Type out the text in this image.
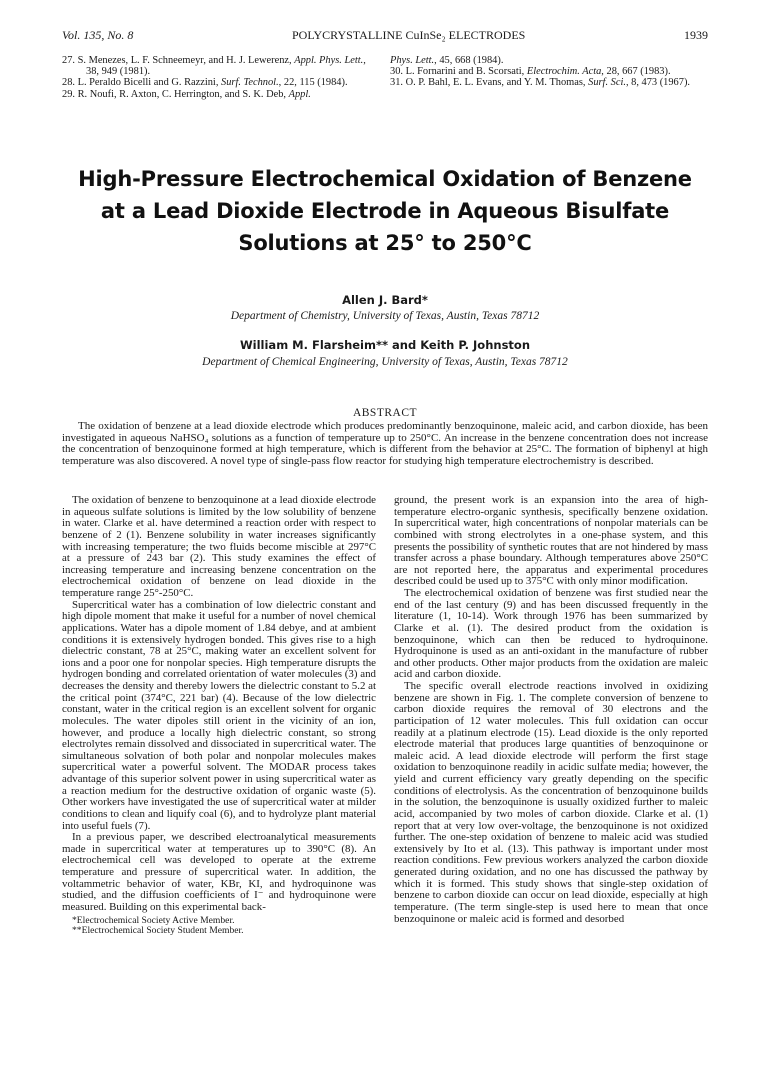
Vol. 135, No. 8	POLYCRYSTALLINE CuInSe₂ ELECTRODES	1939
27. S. Menezes, L. F. Schneemeyr, and H. J. Lewerenz, Appl. Phys. Lett., 38, 949 (1981).
28. L. Peraldo Bicelli and G. Razzini, Surf. Technol., 22, 115 (1984).
29. R. Noufi, R. Axton, C. Herrington, and S. K. Deb, Appl.
Phys. Lett., 45, 668 (1984).
30. L. Fornarini and B. Scorsati, Electrochim. Acta, 28, 667 (1983).
31. O. P. Bahl, E. L. Evans, and Y. M. Thomas, Surf. Sci., 8, 473 (1967).
High-Pressure Electrochemical Oxidation of Benzene at a Lead Dioxide Electrode in Aqueous Bisulfate Solutions at 25° to 250°C
Allen J. Bard*
Department of Chemistry, University of Texas, Austin, Texas 78712
William M. Flarsheim** and Keith P. Johnston
Department of Chemical Engineering, University of Texas, Austin, Texas 78712
ABSTRACT
The oxidation of benzene at a lead dioxide electrode which produces predominantly benzoquinone, maleic acid, and carbon dioxide, has been investigated in aqueous NaHSO₄ solutions as a function of temperature up to 250°C. An increase in the benzene concentration does not increase the concentration of benzoquinone formed at high temperature, which is different from the behavior at 25°C. The formation of biphenyl at high temperature was also discovered. A novel type of single-pass flow reactor for studying high temperature electrochemistry is described.

The oxidation of benzene to benzoquinone at a lead dioxide electrode in aqueous sulfate solutions is limited by the low solubility of benzene in water. Clarke et al. have determined a reaction order with respect to benzene of 2 (1). Benzene solubility in water increases significantly with increasing temperature; the two fluids become miscible at 297°C at a pressure of 243 bar (2). This study examines the effect of increasing temperature and increasing benzene concentration on the electrochemical oxidation of benzene on lead dioxide in the temperature range 25°-250°C.

Supercritical water has a combination of low dielectric constant and high dipole moment that make it useful for a number of novel chemical applications. Water has a dipole moment of 1.84 debye, and at ambient conditions it is extensively hydrogen bonded. This gives rise to a high dielectric constant, 78 at 25°C, making water an excellent solvent for ions and a poor one for nonpolar species. High temperature disrupts the hydrogen bonding and correlated orientation of water molecules (3) and decreases the density and thereby lowers the dielectric constant to 5.2 at the critical point (374°C, 221 bar) (4). Because of the low dielectric constant, water in the critical region is an excellent solvent for organic molecules. The water dipoles still orient in the vicinity of an ion, however, and produce a locally high dielectric constant, so strong electrolytes remain dissolved and dissociated in supercritical water. The simultaneous solvation of both polar and nonpolar molecules makes supercritical water a powerful solvent. The MODAR process takes advantage of this superior solvent power in using supercritical water as a reaction medium for the destructive oxidation of organic waste (5). Other workers have investigated the use of supercritical water at milder conditions to clean and liquify coal (6), and to hydrolyze plant material into useful fuels (7).

In a previous paper, we described electroanalytical measurements made in supercritical water at temperatures up to 390°C (8). An electrochemical cell was developed to operate at the extreme temperature and pressure of supercritical water. In addition, the voltammetric behavior of water, KBr, KI, and hydroquinone was studied, and the diffusion coefficients of I⁻ and hydroquinone were measured. Building on this experimental back-

*Electrochemical Society Active Member.
**Electrochemical Society Student Member.

ground, the present work is an expansion into the area of high-temperature electro-organic synthesis, specifically benzene oxidation. In supercritical water, high concentrations of nonpolar materials can be combined with strong electrolytes in a one-phase system, and this presents the possibility of synthetic routes that are not hindered by mass transfer across a phase boundary. Although temperatures above 250°C are not reported here, the apparatus and experimental procedures described could be used up to 375°C with only minor modification.

The electrochemical oxidation of benzene was first studied near the end of the last century (9) and has been discussed frequently in the literature (1, 10-14). Work through 1976 has been summarized by Clarke et al. (1). The desired product from the oxidation is benzoquinone, which can then be reduced to hydroquinone. Hydroquinone is used as an anti-oxidant in the manufacture of rubber and other products. Other major products from the oxidation are maleic acid and carbon dioxide.

The specific overall electrode reactions involved in oxidizing benzene are shown in Fig. 1. The complete conversion of benzene to carbon dioxide requires the removal of 30 electrons and the participation of 12 water molecules. This full oxidation can occur readily at a platinum electrode (15). Lead dioxide is the only reported electrode material that produces large quantities of benzoquinone or maleic acid. A lead dioxide electrode will perform the first stage oxidation to benzoquinone readily in acidic sulfate media; however, the yield and current efficiency vary greatly depending on the specific conditions of electrolysis. As the concentration of benzoquinone builds in the solution, the benzoquinone is usually oxidized further to maleic acid, accompanied by two moles of carbon dioxide. Clarke et al. (1) report that at very low over-voltage, the benzoquinone is not oxidized further. The one-step oxidation of benzene to maleic acid was studied extensively by Ito et al. (13). This pathway is important under most reaction conditions. Few previous workers analyzed the carbon dioxide generated during oxidation, and no one has discussed the pathway by which it is formed. This study shows that single-step oxidation of benzene to carbon dioxide can occur on lead dioxide, especially at high temperature. (The term single-step is used here to mean that once benzoquinone or maleic acid is formed and desorbed
